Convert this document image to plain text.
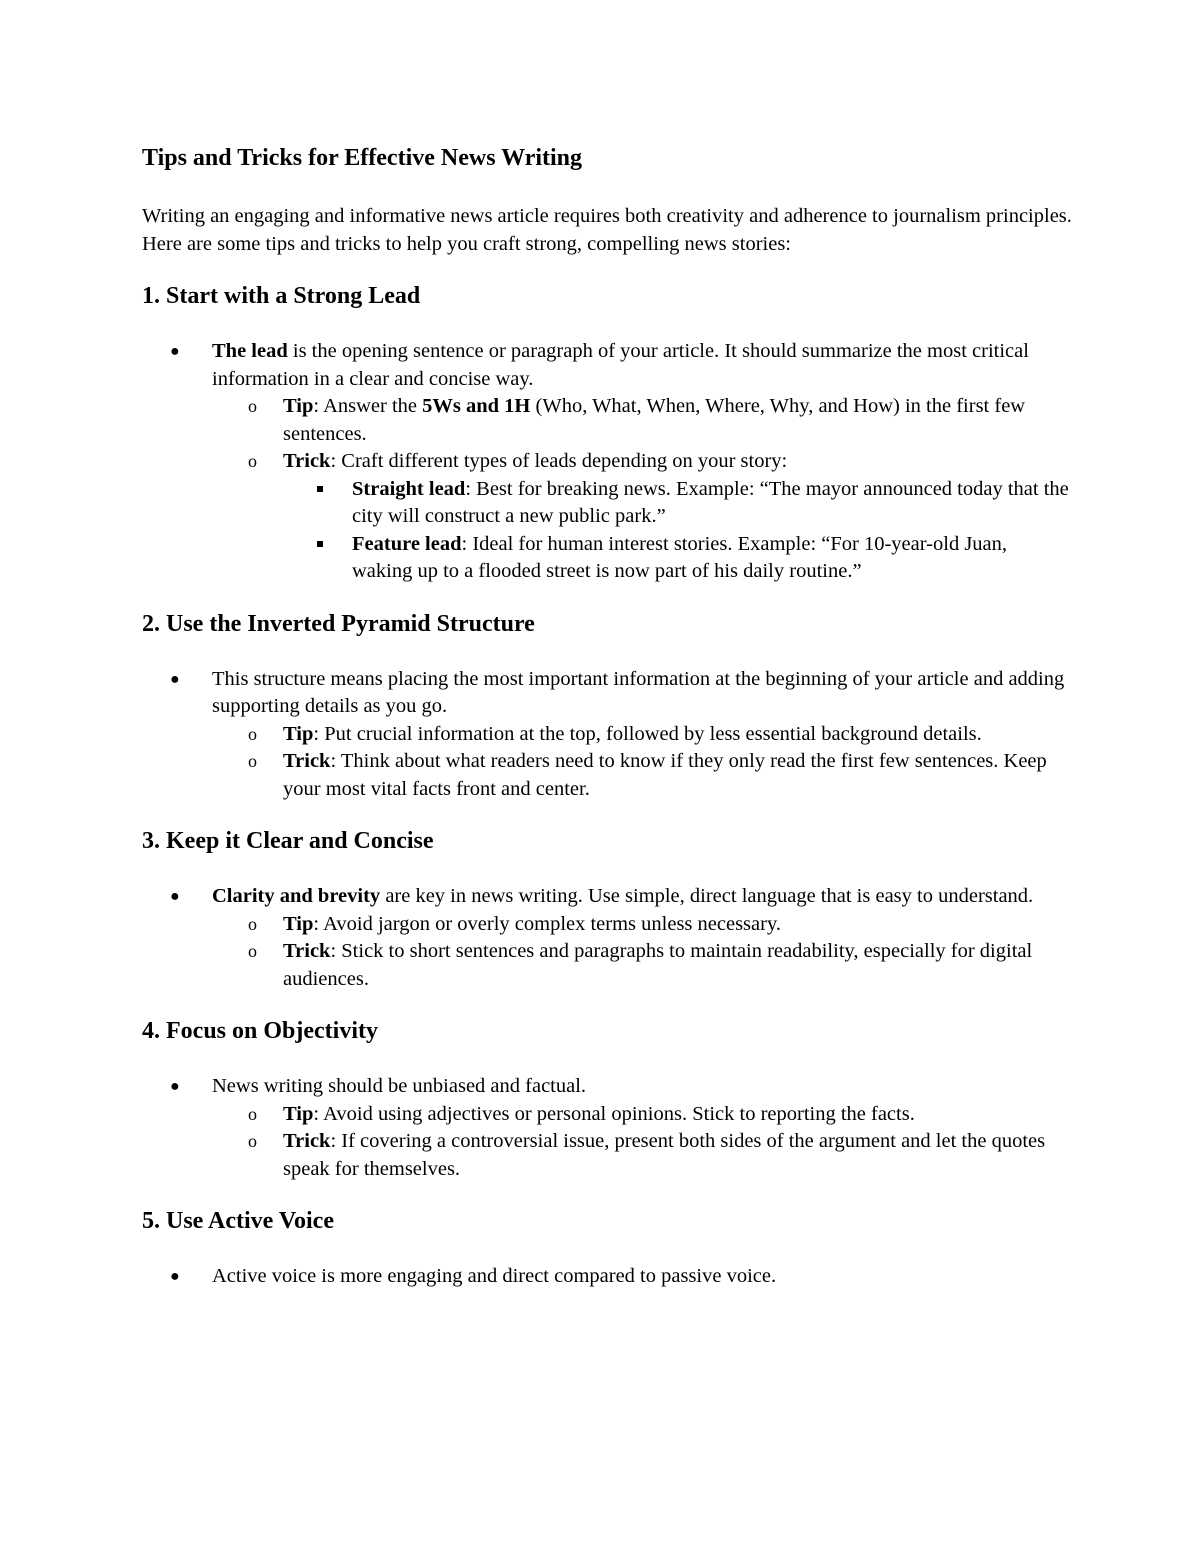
Tips and Tricks for Effective News Writing

Writing an engaging and informative news article requires both creativity and adherence to journalism principles. Here are some tips and tricks to help you craft strong, compelling news stories:

1. Start with a Strong Lead
● The lead is the opening sentence or paragraph of your article. It should summarize the most critical information in a clear and concise way.
o Tip: Answer the 5Ws and 1H (Who, What, When, Where, Why, and How) in the first few sentences.
o Trick: Craft different types of leads depending on your story:
Straight lead: Best for breaking news. Example: “The mayor announced today that the city will construct a new public park.”
Feature lead: Ideal for human interest stories. Example: “For 10-year-old Juan, waking up to a flooded street is now part of his daily routine.”
2. Use the Inverted Pyramid Structure
● This structure means placing the most important information at the beginning of your article and adding supporting details as you go.
o Tip: Put crucial information at the top, followed by less essential background details.
o Trick: Think about what readers need to know if they only read the first few sentences. Keep your most vital facts front and center.
3. Keep it Clear and Concise
● Clarity and brevity are key in news writing. Use simple, direct language that is easy to understand.
o Tip: Avoid jargon or overly complex terms unless necessary.
o Trick: Stick to short sentences and paragraphs to maintain readability, especially for digital audiences.
4. Focus on Objectivity
● News writing should be unbiased and factual.
o Tip: Avoid using adjectives or personal opinions. Stick to reporting the facts.
o Trick: If covering a controversial issue, present both sides of the argument and let the quotes speak for themselves.
5. Use Active Voice
● Active voice is more engaging and direct compared to passive voice.
